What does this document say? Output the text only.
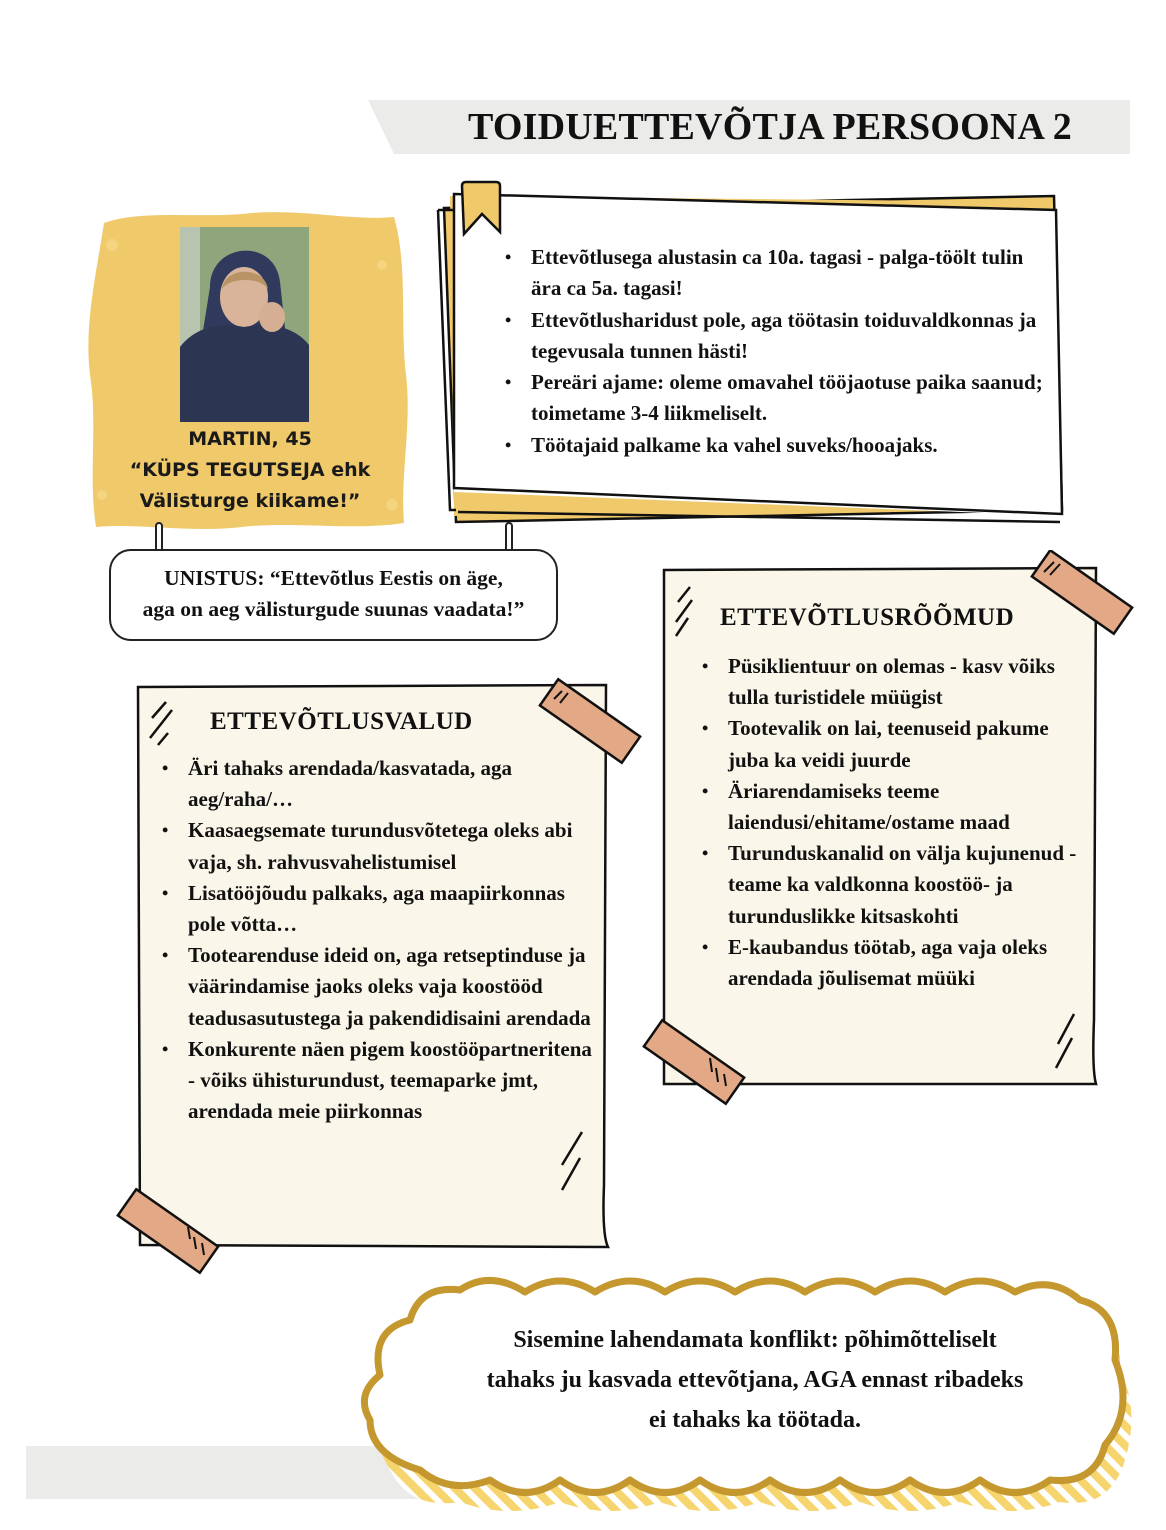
TOIDUETTEVÕTJA PERSOONA 2
MARTIN, 45
“KÜPS TEGUTSEJA ehk
Välisturge kiikame!”
UNISTUS: “Ettevõtlus Eestis on äge,
aga on aeg välisturgude suunas vaadata!”
• Ettevõtlusega alustasin ca 10a. tagasi - palga-töölt tulin ära ca 5a. tagasi!
• Ettevõtlusharidust pole, aga töötasin toiduvaldkonnas ja tegevusala tunnen hästi!
• Pereäri ajame: oleme omavahel tööjaotuse paika saanud; toimetame 3-4 liikmeliselt.
• Töötajaid palkame ka vahel suveks/hooajaks.
ETTEVÕTLUSVALUD
• Äri tahaks arendada/kasvatada, aga aeg/raha/…
• Kaasaegsemate turundusvõtetega oleks abi vaja, sh. rahvusvahelistumisel
• Lisatööjõudu palkaks, aga maapiirkonnas pole võtta…
• Tootearenduse ideid on, aga retseptinduse ja väärindamise jaoks oleks vaja koostööd teadusasutustega ja pakendidisaini arendada
• Konkurente näen pigem koostööpartneritena - võiks ühisturundust, teemaparke jmt, arendada meie piirkonnas
ETTEVÕTLUSRÕÕMUD
• Püsiklientuur on olemas - kasv võiks tulla turistidele müügist
• Tootevalik on lai, teenuseid pakume juba ka veidi juurde
• Äriarendamiseks teeme laiendusi/ehitame/ostame maad
• Turunduskanalid on välja kujunenud - teame ka valdkonna koostöö- ja turunduslikke kitsaskohti
• E-kaubandus töötab, aga vaja oleks arendada jõulisemat müüki
Sisemine lahendamata konflikt: põhimõtteliselt
tahaks ju kasvada ettevõtjana, AGA ennast ribadeks
ei tahaks ka töötada.
